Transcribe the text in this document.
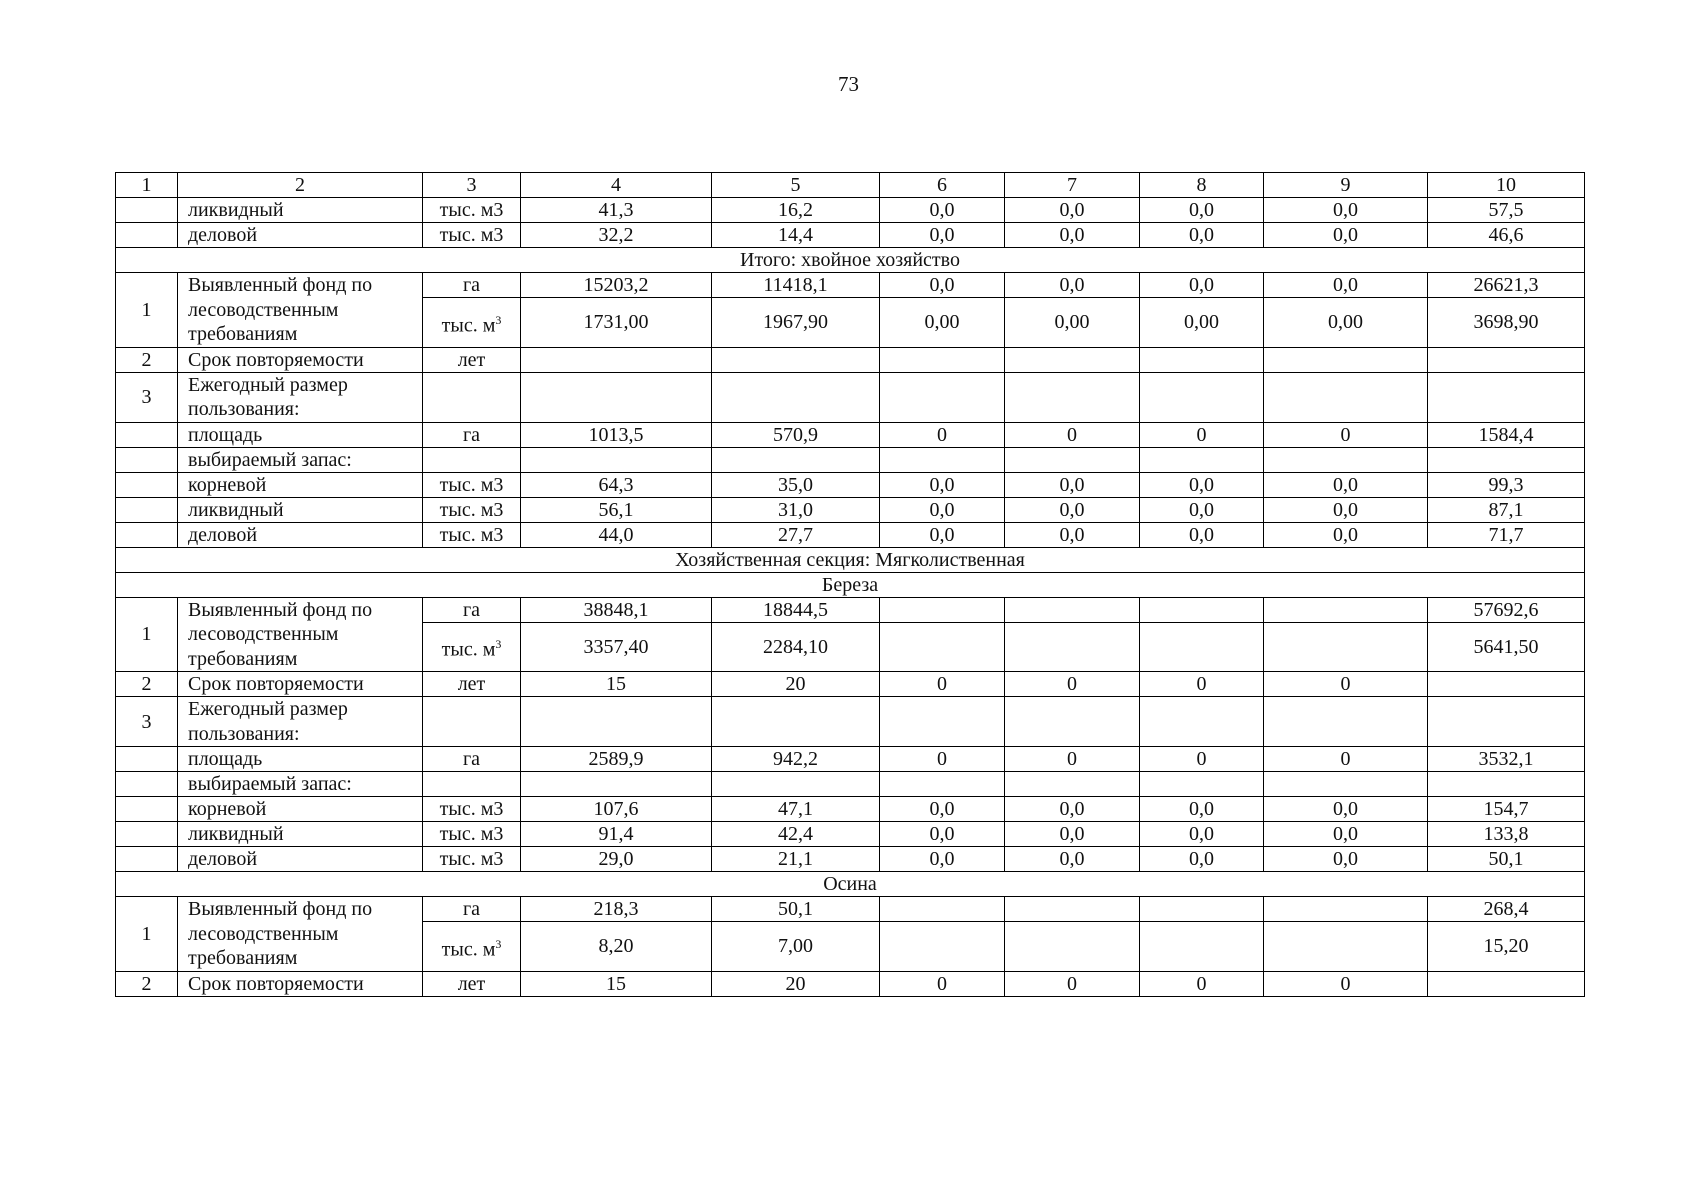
73
1	2	3	4	5	6	7	8	9	10
	ликвидный	тыс. м3	41,3	16,2	0,0	0,0	0,0	0,0	57,5
	деловой	тыс. м3	32,2	14,4	0,0	0,0	0,0	0,0	46,6
Итого: хвойное хозяйство									
1	Выявленный фонд по лесоводственным требованиям	га	15203,2	11418,1	0,0	0,0	0,0	0,0	26621,3
		тыс. $м^3$	1731,00	1967,90	0,00	0,00	0,00	0,00	3698,90
2	Срок повторяемости	лет							
3	Ежегодный размер пользования:								
	площадь	га	1013,5	570,9	0	0	0	0	1584,4
	выбираемый запас:								
	корневой	тыс. м3	64,3	35,0	0,0	0,0	0,0	0,0	99,3
	ликвидный	тыс. м3	56,1	31,0	0,0	0,0	0,0	0,0	87,1
	деловой	тыс. м3	44,0	27,7	0,0	0,0	0,0	0,0	71,7
Хозяйственная секция: Мягколиственная									
Береза									
1	Выявленный фонд по лесоводственным требованиям	га	38848,1	18844,5					57692,6
		тыс. $м^3$	3357,40	2284,10					5641,50
2	Срок повторяемости	лет	15	20	0	0	0	0	
3	Ежегодный размер пользования:								
	площадь	га	2589,9	942,2	0	0	0	0	3532,1
	выбираемый запас:								
	корневой	тыс. м3	107,6	47,1	0,0	0,0	0,0	0,0	154,7
	ликвидный	тыс. м3	91,4	42,4	0,0	0,0	0,0	0,0	133,8
	деловой	тыс. м3	29,0	21,1	0,0	0,0	0,0	0,0	50,1
Осина									
1	Выявленный фонд по лесоводственным требованиям	га	218,3	50,1					268,4
		тыс. $м^3$	8,20	7,00					15,20
2	Срок повторяемости	лет	15	20	0	0	0	0	
